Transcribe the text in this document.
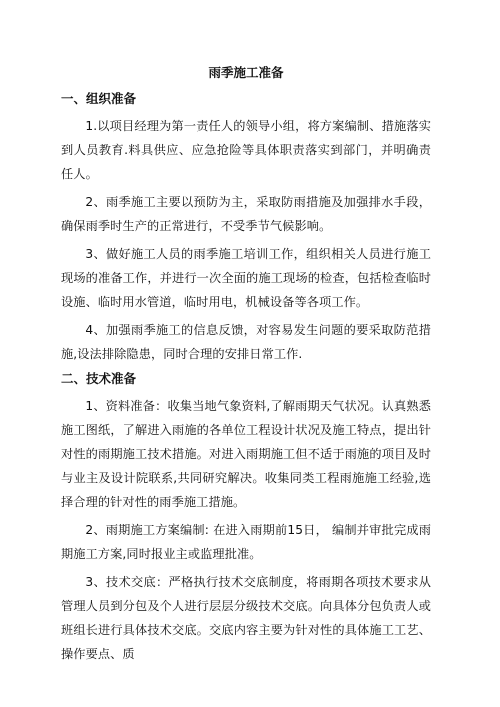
雨季施工准备
一、组织准备

1.以项目经理为第一责任人的领导小组，将方案编制、措施落实到人员教育.料具供应、应急抢险等具体职责落实到部门，并明确责任人。

2、雨季施工主要以预防为主，采取防雨措施及加强排水手段，确保雨季时生产的正常进行，不受季节气候影响。

3、做好施工人员的雨季施工培训工作，组织相关人员进行施工现场的准备工作，并进行一次全面的施工现场的检查，包括检查临时设施、临时用水管道，临时用电，机械设备等各项工作。

4、加强雨季施工的信息反馈，对容易发生问题的要采取防范措施,设法排除隐患，同时合理的安排日常工作.

二、技术准备

1、资料准备：收集当地气象资料,了解雨期天气状况。认真熟悉施工图纸，了解进入雨施的各单位工程设计状况及施工特点，提出针对性的雨期施工技术措施。对进入雨期施工但不适于雨施的项目及时与业主及设计院联系,共同研究解决。收集同类工程雨施施工经验,选择合理的针对性的雨季施工措施。

2、雨期施工方案编制: 在进入雨期前15日， 编制并审批完成雨期施工方案,同时报业主或监理批准。

3、技术交底：严格执行技术交底制度，将雨期各项技术要求从管理人员到分包及个人进行层层分级技术交底。向具体分包负责人或班组长进行具体技术交底。交底内容主要为针对性的具体施工工艺、操作要点、质
